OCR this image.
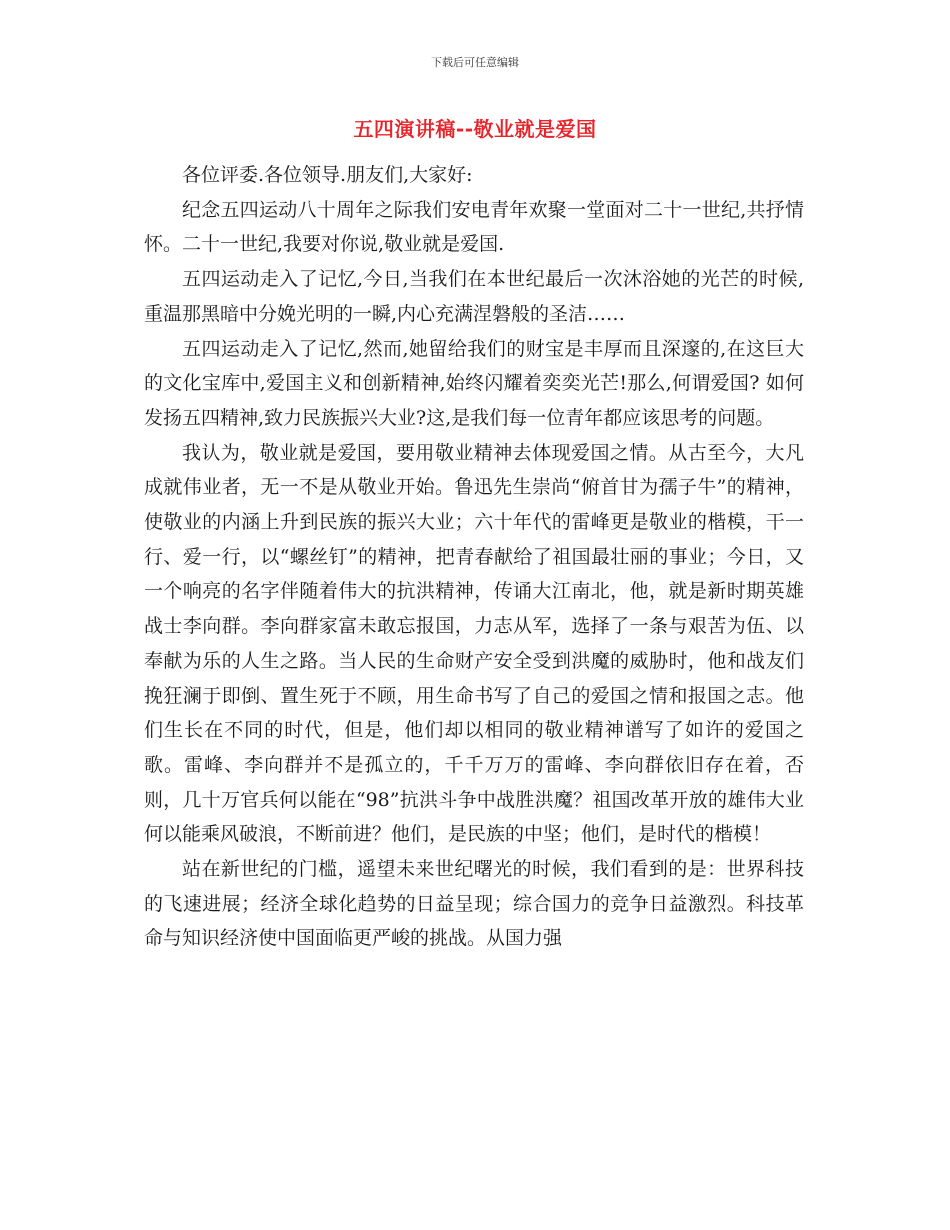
下载后可任意编辑
五四演讲稿--敬业就是爱国

各位评委.各位领导.朋友们,大家好:

纪念五四运动八十周年之际我们安电青年欢聚一堂面对二十一世纪,共抒情怀。二十一世纪,我要对你说,敬业就是爱国.

五四运动走入了记忆,今日,当我们在本世纪最后一次沐浴她的光芒的时候,重温那黑暗中分娩光明的一瞬,内心充满涅磐般的圣洁……

五四运动走入了记忆,然而,她留给我们的财宝是丰厚而且深邃的,在这巨大的文化宝库中,爱国主义和创新精神,始终闪耀着奕奕光芒!那么,何谓爱国? 如何发扬五四精神,致力民族振兴大业?这,是我们每一位青年都应该思考的问题。

我认为，敬业就是爱国，要用敬业精神去体现爱国之情。从古至今，大凡成就伟业者，无一不是从敬业开始。鲁迅先生崇尚“俯首甘为孺子牛”的精神，使敬业的内涵上升到民族的振兴大业；六十年代的雷峰更是敬业的楷模，干一行、爱一行，以“螺丝钉”的精神，把青春献给了祖国最壮丽的事业；今日，又一个响亮的名字伴随着伟大的抗洪精神，传诵大江南北，他，就是新时期英雄战士李向群。李向群家富未敢忘报国，力志从军，选择了一条与艰苦为伍、以奉献为乐的人生之路。当人民的生命财产安全受到洪魔的威胁时，他和战友们挽狂澜于即倒、置生死于不顾，用生命书写了自己的爱国之情和报国之志。他们生长在不同的时代，但是，他们却以相同的敬业精神谱写了如许的爱国之歌。雷峰、李向群并不是孤立的，千千万万的雷峰、李向群依旧存在着，否则，几十万官兵何以能在“98”抗洪斗争中战胜洪魔？祖国改革开放的雄伟大业何以能乘风破浪，不断前进？他们，是民族的中坚；他们，是时代的楷模！

站在新世纪的门槛，遥望未来世纪曙光的时候，我们看到的是：世界科技的飞速进展；经济全球化趋势的日益呈现；综合国力的竞争日益激烈。科技革命与知识经济使中国面临更严峻的挑战。从国力强
